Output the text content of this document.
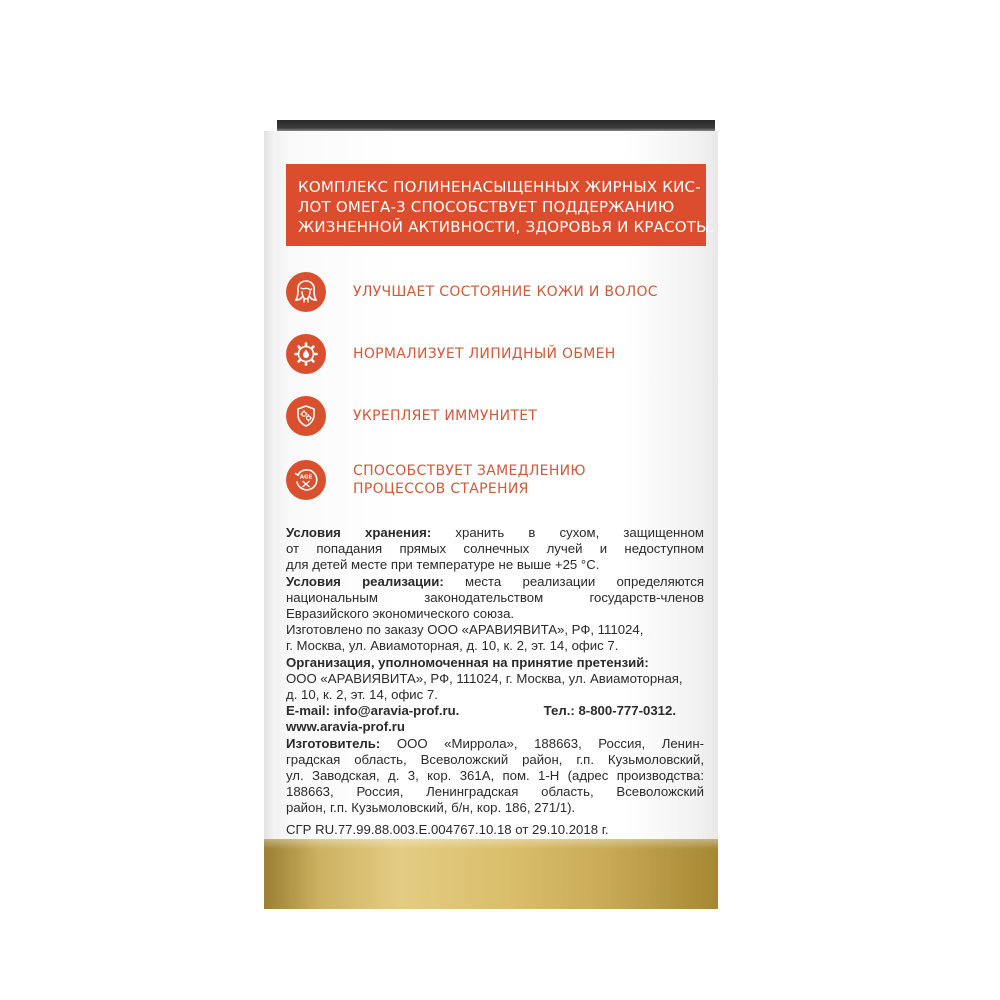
КОМПЛЕКС ПОЛИНЕНАСЫЩЕННЫХ ЖИРНЫХ КИС-
ЛОТ ОМЕГА-3 СПОСОБСТВУЕТ ПОДДЕРЖАНИЮ
ЖИЗНЕННОЙ АКТИВНОСТИ, ЗДОРОВЬЯ И КРАСОТЫ.
УЛУЧШАЕТ СОСТОЯНИЕ КОЖИ И ВОЛОС
НОРМАЛИЗУЕТ ЛИПИДНЫЙ ОБМЕН
УКРЕПЛЯЕТ ИММУНИТЕТ
AGE	СПОСОБСТВУЕТ ЗАМЕДЛЕНИЮ
ПРОЦЕССОВ СТАРЕНИЯ
Условия хранения: хранить в сухом, защищенном
от попадания прямых солнечных лучей и недоступном
для детей месте при температуре не выше +25 °С.
Условия реализации: места реализации определяются
национальным законодательством государств-членов
Евразийского экономического союза.
Изготовлено по заказу ООО «АРАВИЯВИТА», РФ, 111024,
г. Москва, ул. Авиамоторная, д. 10, к. 2, эт. 14, офис 7.
Организация, уполномоченная на принятие претензий:
ООО «АРАВИЯВИТА», РФ, 111024, г. Москва, ул. Авиамоторная,
д. 10, к. 2, эт. 14, офис 7.
E-mail: info@aravia-prof.ru.	Тел.: 8-800-777-0312.
www.aravia-prof.ru
Изготовитель: ООО «Миррола», 188663, Россия, Ленин-
градская область, Всеволожский район, г.п. Кузьмоловский,
ул. Заводская, д. 3, кор. 361А, пом. 1-Н (адрес производства:
188663, Россия, Ленинградская область, Всеволожский
район, г.п. Кузьмоловский, б/н, кор. 186, 271/1).
СГР RU.77.99.88.003.Е.004767.10.18 от 29.10.2018 г.
